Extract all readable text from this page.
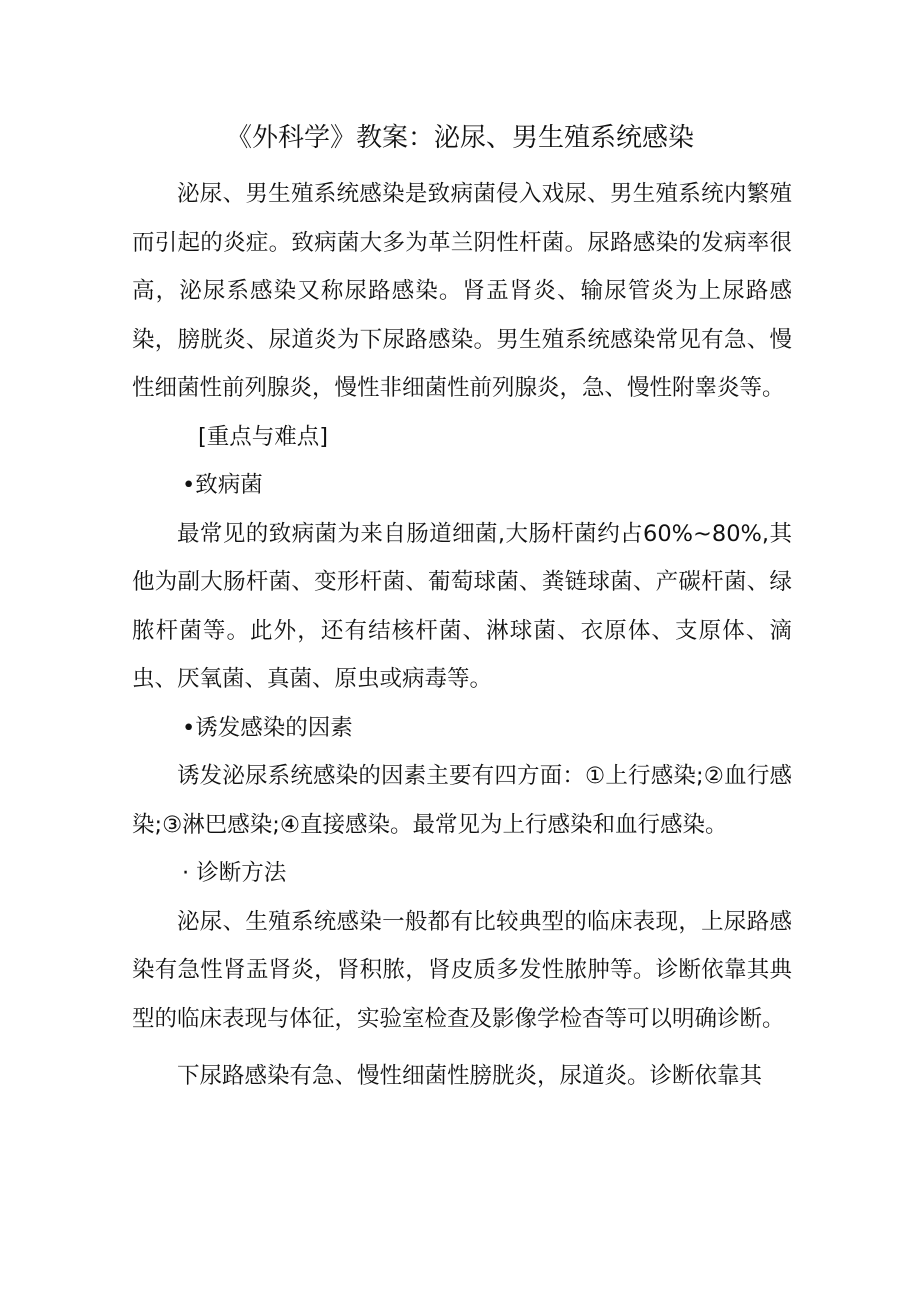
《外科学》教案：泌尿、男生殖系统感染

泌尿、男生殖系统感染是致病菌侵入戏尿、男生殖系统内繁殖而引起的炎症。致病菌大多为革兰阴性杆菌。尿路感染的发病率很高，泌尿系感染又称尿路感染。肾盂肾炎、输尿管炎为上尿路感染，膀胱炎、尿道炎为下尿路感染。男生殖系统感染常见有急、慢性细菌性前列腺炎，慢性非细菌性前列腺炎，急、慢性附睾炎等。

[重点与难点]

•致病菌

最常见的致病菌为来自肠道细菌,大肠杆菌约占60%~80%,其他为副大肠杆菌、变形杆菌、葡萄球菌、粪链球菌、产碳杆菌、绿脓杆菌等。此外，还有结核杆菌、淋球菌、衣原体、支原体、滴虫、厌氧菌、真菌、原虫或病毒等。

•诱发感染的因素

诱发泌尿系统感染的因素主要有四方面：①上行感染;②血行感染;③淋巴感染;④直接感染。最常见为上行感染和血行感染。

· 诊断方法

泌尿、生殖系统感染一般都有比较典型的临床表现，上尿路感染有急性肾盂肾炎，肾积脓，肾皮质多发性脓肿等。诊断依靠其典型的临床表现与体征，实验室检查及影像学检杳等可以明确诊断。

下尿路感染有急、慢性细菌性膀胱炎，尿道炎。诊断依靠其
